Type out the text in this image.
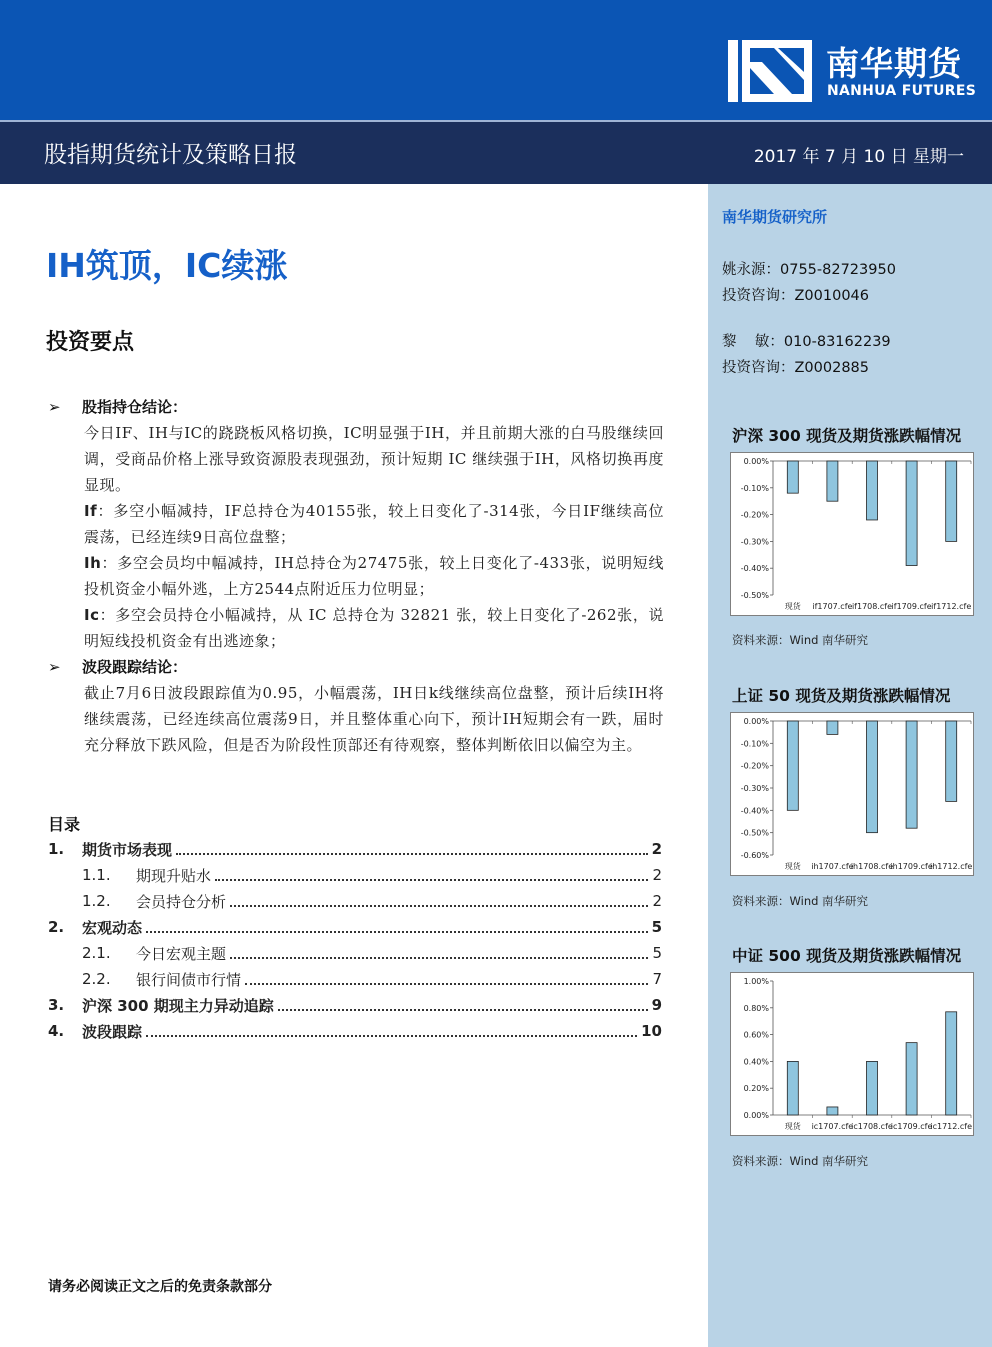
南华期货
NANHUA FUTURES
股指期货统计及策略日报	2017 年 7 月 10 日 星期一
南华期货研究所
姚永源：0755-82723950
投资咨询：Z0010046
黎    敏：010-83162239
投资咨询：Z0002885
沪深 300 现货及期货涨跌幅情况
0.00%
-0.10%
-0.20%
-0.30%
-0.40%
-0.50%
现货 if1707.cfe if1708.cfe if1709.cfe if1712.cfe
资料来源：Wind 南华研究
上证 50 现货及期货涨跌幅情况
0.00%
-0.10%
-0.20%
-0.30%
-0.40%
-0.50%
-0.60%
现货 ih1707.cfe
ih1708.cfe
ih1709.cfe
ih1712.cfe
资料来源：Wind 南华研究
中证 500 现货及期货涨跌幅情况
1.00%
0.80%
0.60%
0.40%
0.20%
0.00%
现货 ic1707.cfe
ic1708.cfe
ic1709.cfe
ic1712.cfe
资料来源：Wind 南华研究
IH筑顶，IC续涨
投资要点
➢ 股指持仓结论：
今日IF、IH与IC的跷跷板风格切换，IC明显强于IH，并且前期大涨的白马股继续回调，受商品价格上涨导致资源股表现强劲，预计短期 IC 继续强于IH，风格切换再度显现。
If：多空小幅减持，IF总持仓为40155张，较上日变化了-314张，今日IF继续高位震荡，已经连续9日高位盘整；
Ih：多空会员均中幅减持，IH总持仓为27475张，较上日变化了-433张，说明短线投机资金小幅外逃，上方2544点附近压力位明显；
Ic：多空会员持仓小幅减持，从 IC 总持仓为 32821 张，较上日变化了-262张，说明短线投机资金有出逃迹象；
➢ 波段跟踪结论：
截止7月6日波段跟踪值为0.95，小幅震荡，IH日k线继续高位盘整，预计后续IH将继续震荡，已经连续高位震荡9日，并且整体重心向下，预计IH短期会有一跌，届时充分释放下跌风险，但是否为阶段性顶部还有待观察，整体判断依旧以偏空为主。
目录
1.	期货市场表现	2
1.1.	期现升贴水	2
1.2.	会员持仓分析	2
2.	宏观动态	5
2.1.	今日宏观主题	5
2.2.	银行间债市行情	7
3.	沪深 300 期现主力异动追踪	9
4.	波段跟踪	10
请务必阅读正文之后的免责条款部分
